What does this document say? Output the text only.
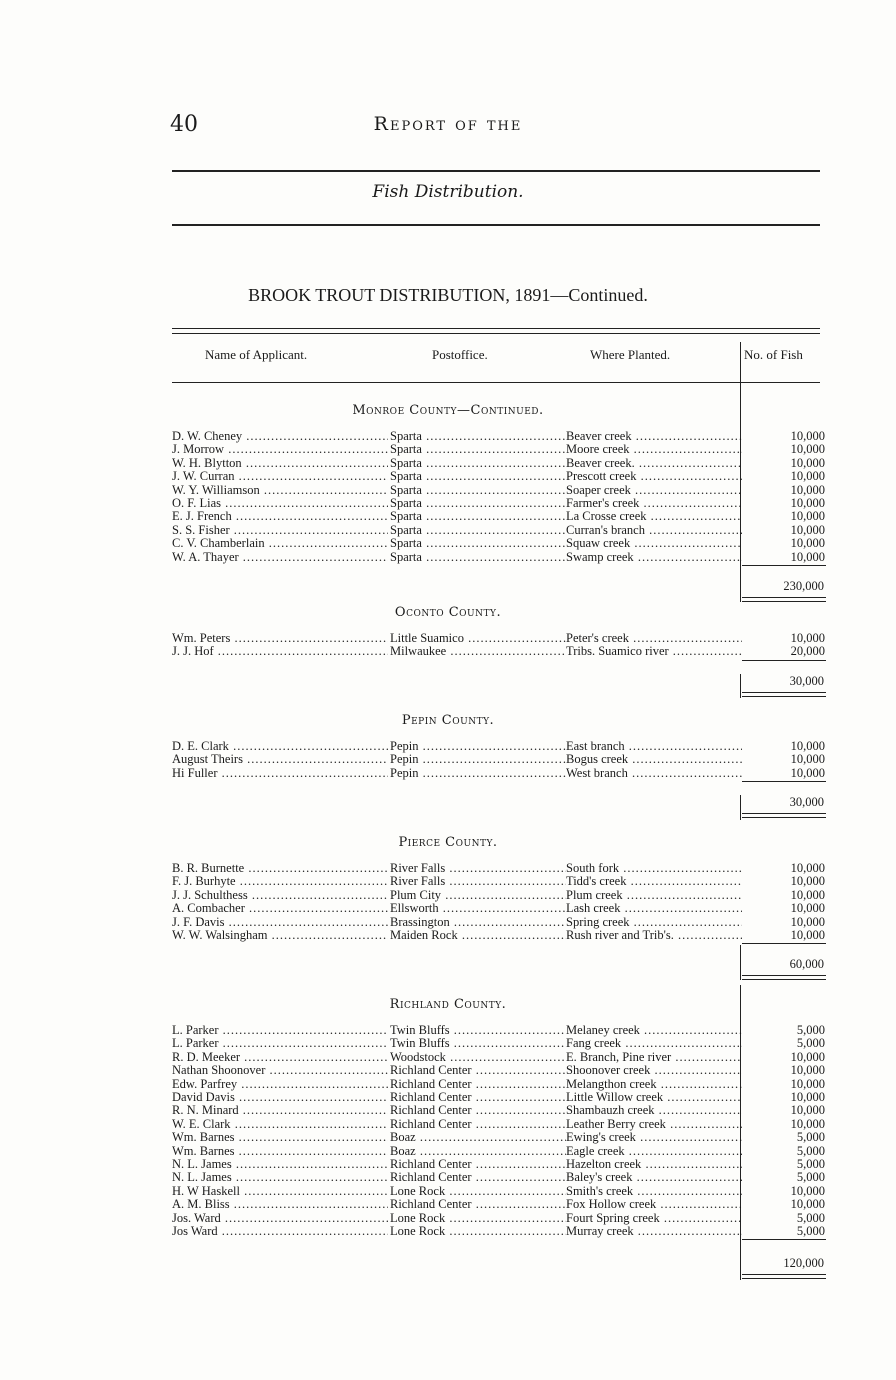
40	Report of the
Fish Distribution.
BROOK TROUT DISTRIBUTION, 1891—Continued.
Name of Applicant.	Postoffice.	Where Planted.	No. of Fish
Monroe County—Continued.
D. W. Cheney .....	Sparta .....	Beaver creek .....	10,000
J. Morrow .....	Sparta .....	Moore creek .....	10,000
W. H. Blytton .....	Sparta .....	Beaver creek. .....	10,000
J. W. Curran .....	Sparta .....	Prescott creek .....	10,000
W. Y. Williamson .....	Sparta .....	Soaper creek .....	10,000
O. F. Lias .....	Sparta .....	Farmer's creek .....	10,000
E. J. French .....	Sparta .....	La Crosse creek .....	10,000
S. S. Fisher .....	Sparta .....	Curran's branch .....	10,000
C. V. Chamberlain .....	Sparta .....	Squaw creek .....	10,000
W. A. Thayer .....	Sparta .....	Swamp creek .....	10,000
230,000
Oconto County.
Wm. Peters .....	Little Suamico .....	Peter's creek .....	10,000
J. J. Hof .....	Milwaukee .....	Tribs. Suamico river .....	20,000
30,000
Pepin County.
D. E. Clark .....	Pepin .....	East branch .....	10,000
August Theirs .....	Pepin .....	Bogus creek .....	10,000
Hi Fuller .....	Pepin .....	West branch .....	10,000
30,000
Pierce County.
B. R. Burnette .....	River Falls .....	South fork .....	10,000
F. J. Burhyte .....	River Falls .....	Tidd's creek .....	10,000
J. J. Schulthess .....	Plum City .....	Plum creek .....	10,000
A. Combacher .....	Ellsworth .....	Lash creek .....	10,000
J. F. Davis .....	Brassington .....	Spring creek .....	10,000
W. W. Walsingham .....	Maiden Rock .....	Rush river and Trib's. .....	10,000
60,000
Richland County.
L. Parker .....	Twin Bluffs .....	Melaney creek .....	5,000
L. Parker .....	Twin Bluffs .....	Fang creek .....	5,000
R. D. Meeker .....	Woodstock .....	E. Branch, Pine river .....	10,000
Nathan Shoonover .....	Richland Center .....	Shoonover creek .....	10,000
Edw. Parfrey .....	Richland Center .....	Melangthon creek .....	10,000
David Davis .....	Richland Center .....	Little Willow creek .....	10,000
R. N. Minard .....	Richland Center .....	Shambauzh creek .....	10,000
W. E. Clark .....	Richland Center .....	Leather Berry creek .....	10,000
Wm. Barnes .....	Boaz .....	Ewing's creek .....	5,000
Wm. Barnes .....	Boaz .....	Eagle creek .....	5,000
N. L. James .....	Richland Center .....	Hazelton creek .....	5,000
N. L. James .....	Richland Center .....	Baley's creek .....	5,000
H. W Haskell .....	Lone Rock .....	Smith's creek .....	10,000
A. M. Bliss .....	Richland Center .....	Fox Hollow creek .....	10,000
Jos. Ward .....	Lone Rock .....	Fourt Spring creek .....	5,000
Jos Ward .....	Lone Rock .....	Murray creek .....	5,000
120,000
